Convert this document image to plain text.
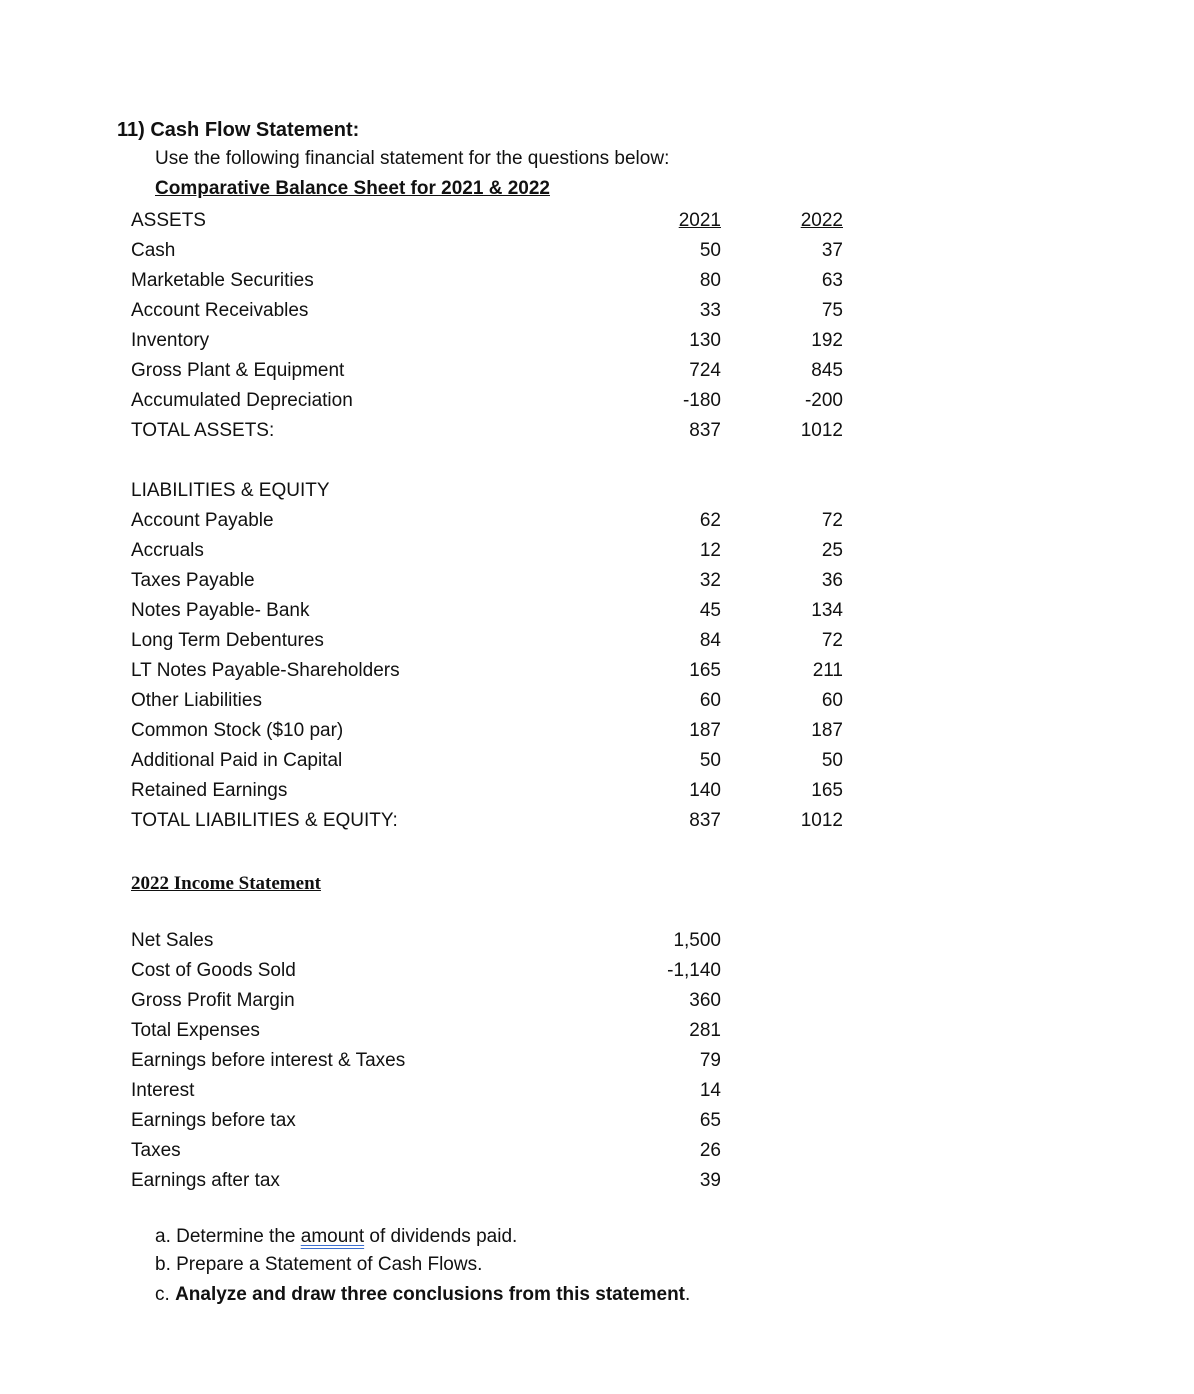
11) Cash Flow Statement:
Use the following financial statement for the questions below:
Comparative Balance Sheet for 2021 & 2022
ASSETS	2021	2022
Cash	50	37
Marketable Securities	80	63
Account Receivables	33	75
Inventory	130	192
Gross Plant & Equipment	724	845
Accumulated Depreciation	-180	-200
TOTAL ASSETS:	837	1012
LIABILITIES & EQUITY
Account Payable	62	72
Accruals	12	25
Taxes Payable	32	36
Notes Payable- Bank	45	134
Long Term Debentures	84	72
LT Notes Payable-Shareholders	165	211
Other Liabilities	60	60
Common Stock ($10 par)	187	187
Additional Paid in Capital	50	50
Retained Earnings	140	165
TOTAL LIABILITIES & EQUITY:	837	1012
2022 Income Statement
Net Sales	1,500
Cost of Goods Sold	-1,140
Gross Profit Margin	360
Total Expenses	281
Earnings before interest & Taxes	79
Interest	14
Earnings before tax	65
Taxes	26
Earnings after tax	39
a. Determine the amount of dividends paid.
b. Prepare a Statement of Cash Flows.
c. Analyze and draw three conclusions from this statement.
